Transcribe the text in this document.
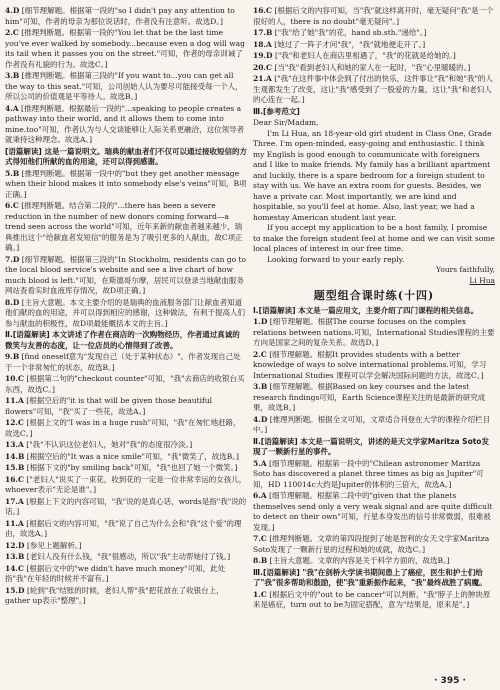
4.D [细节理解题。根据第一段的"so I didn't pay any attention to him"可知，作者的母亲为那位说话时，作者没有注意听。故选D。]
2.C [推理判断题。根据第一段的"You let that be the last time you've ever walked by somebody...because even a dog will wag its tail when it passes you on the street."可知，作者的母亲训诫了作者没有礼貌的行为。故选C。]
3.B [推理判断题。根据第三段的"If you want to...you can get all the way to this seat."可知，公司创始人认为要尽可能接受每一个人，所以公司的价值观是平等待人。故选B。]
4.A [推理判断题。根据最后一段的"...speaking to people creates a pathway into their world, and it allows them to come into mine.too"可知，作者认为与人交谈能够让人际关系更融洽，这位领导者就秉持这种理念。故选A。]
[语篇解读] 这是一篇说明文。瑞典的献血者们不仅可以通过接收短信的方式得知他们所献的血的用途，还可以得到感谢。
5.B [推理判断题。根据第一段中的"but they get another message when their blood makes it into somebody else's veins"可知，B项正确。]
6.C [推理判断题。结合第二段的"...there has been a severe reduction in the number of new donors coming forward—a trend seen across the world"可知，近年来新的献血者越来越少，瑞典推出这个"给献血者发短信"的服务是为了吸引更多的人献血，故C项正确。]
7.D [细节理解题。根据第三段的"In Stockholm, residents can go to the local blood service's website and see a live chart of how much blood is left."可知，在斯德哥尔摩，居民可以登录当地献血服务网站查看实时血液库存情况，故D项正确。]
8.D [主旨大意题。本文主要介绍的是瑞典的血液服务部门让献血者知道他们献的血的用途，并可以得到相应的感谢，这种做法，有利于提高人们参与献血的积极性，故D项最能概括本文的主旨。]
Ⅱ.[语篇解读] 本文讲述了作者在商店的一次购物经历，作者通过真诚的微笑与友善的态度，让一位店员的心情得到了改善。
9.B [find oneself意为"发现自己（处于某种状态）"。作者发现自己处于一个非常匆忙的状态，故选B。]
10.C [根据第二句的"checkout counter"可知，"我"去商店的收银台买东西，故选C。]
11.A [根据空后的"it is that will be given those beautiful flowers"可知，"我"买了一些花，故选A。]
12.C [根据上文的"I was in a huge rush"可知，"我"在匆忙地赶路，故选C。]
13.A ["我"不认识这位老妇人，她对"我"的态度很冷淡。]
14.B [根据空后的"It was a nice smile"可知，"我"微笑了，故选B。]
15.B [根据下文的"by smiling back"可知，"我"也回了她一个微笑。]
16.C ["老妇人"说买了一束花，收到花的一定是一位非常幸运的女孩儿，whoever表示"无论是谁"。]
17.A [根据上下文的内容可知，"我"说的是真心话，words是指"我"说的话。]
11.A [根据后文的内容可知，"我"说了自己为什么会和"我"这个爱"的理由，故选A。]
12.D [参见上题解析。]
13.B [老妇人没有什么钱，"我"很感动，所以"我"主动帮她付了钱。]
14.C [根据后文中的"we didn't have much money"可知，此处指"我"在年轻的时候并不富有。]
15.D [轮到"我"结账的时候，老妇人帮"我"把花放在了收银台上，gather up表示"整理"。]
16.C [根据后文的内容可知，当"我"就这样离开时，毫无疑问"我"是一个很好的人，there is no doubt"毫无疑问"。]
17.B ["我"给了她"我"的花，hand sb.sth."递给"。]
18.A [她过了一阵子才问"我"，"我"就地便走开了。]
19.D ["我"和老妇人在商店里相遇了，"我"的花就是给她的。]
20.C [当"我"看到老妇人和她的家人在一起时，"我"心里暖暖的。]
21.A ["我"在这件事中体会到了付出的快乐，这件事让"我"和她"我"的人生观都发生了改变，这让"我"感受到了一股爱的力量，这让"我"和老妇人的心连在一起。]
Ⅲ.[参考范文]

Dear Sir/Madam,

I'm Li Hua, an 18-year-old girl student in Class One, Grade Three. I'm open-minded, easy-going and enthusiastic. I think my English is good enough to communicate with foreigners and I like to make friends. My family has a brilliant apartment and luckily, there is a spare bedroom for a foreign student to stay with us. We have an extra room for guests. Besides, we have a private car. Most importantly, we are kind and hospitable, so you'll feel at home. Also, last year, we had a homestay American student last year.

If you accept my application to be a host family, I promise to make the foreign student feel at home and we can visit some local places of interest in our free time.

Looking forward to your early reply.

Yours faithfully,
Li Hua
题型组合课时练(十四)
Ⅰ.[语篇解读] 本文是一篇应用文，主要介绍了四门课程的相关信息。
1.D [细节理解题。根据The course focuses on the complex relations between nations.可知，International Studies课程的主要方向是国家之间的复杂关系。故选D。]
2.C [细节理解题。根据It provides students with a better knowledge of ways to solve international problems.可知，学习International Studies 课程可以学会解决国际问题的方法，故选C。]
3.B [细节理解题。根据Based on key courses and the latest research findings可知，Earth Science课程关注的是最新的研究成果，故选B。]
4.D [推理判断题。根据全文可知，文章适合刊登在大学的课程介绍栏目中。]
Ⅱ.[语篇解读] 本文是一篇说明文，讲述的是天文学家Maritza Soto发现了一颗新行星的事件。
5.A [细节理解题。根据第一段中的"Chilean astronomer Maritza Soto has discovered a planet three times as big as Jupiter"可知，HD 110014c大约是Jupiter的体积的三倍大，故选A。]
6.A [细节理解题。根据第二段中的"given that the planets themselves send only a very weak signal and are quite difficult to detect on their own"可知，行星本身发出的信号非常微弱，很难被发现。]
7.C [推理判断题。文章的第四段提到了她是智利的女天文学家Maritza Soto发现了一颗新行星的过程和她的成就，故选C。]
8.B [主旨大意题。文章的内容是关于科学方面的，故选B。]
Ⅲ.[语篇解读] "我"在剑桥大学读书期间患上了癌症，医生和护士们给了"我"很多帮助和鼓励，使"我"重新振作起来，"我"最终战胜了病魔。
1.C [根据后文中的"out to be cancer"可以判断，"我"脖子上的肿块原来是癌症，turn out to be为固定搭配，意为"结果是，原来是"。]
· 395 ·
